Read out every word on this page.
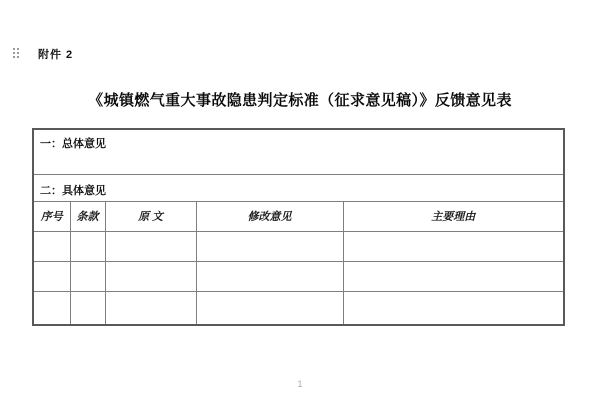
附件 2
《城镇燃气重大事故隐患判定标准（征求意见稿）》反馈意见表
一：总体意见				
二：具体意见				
序号	条款	原 文	修改意见	主要理由

1
